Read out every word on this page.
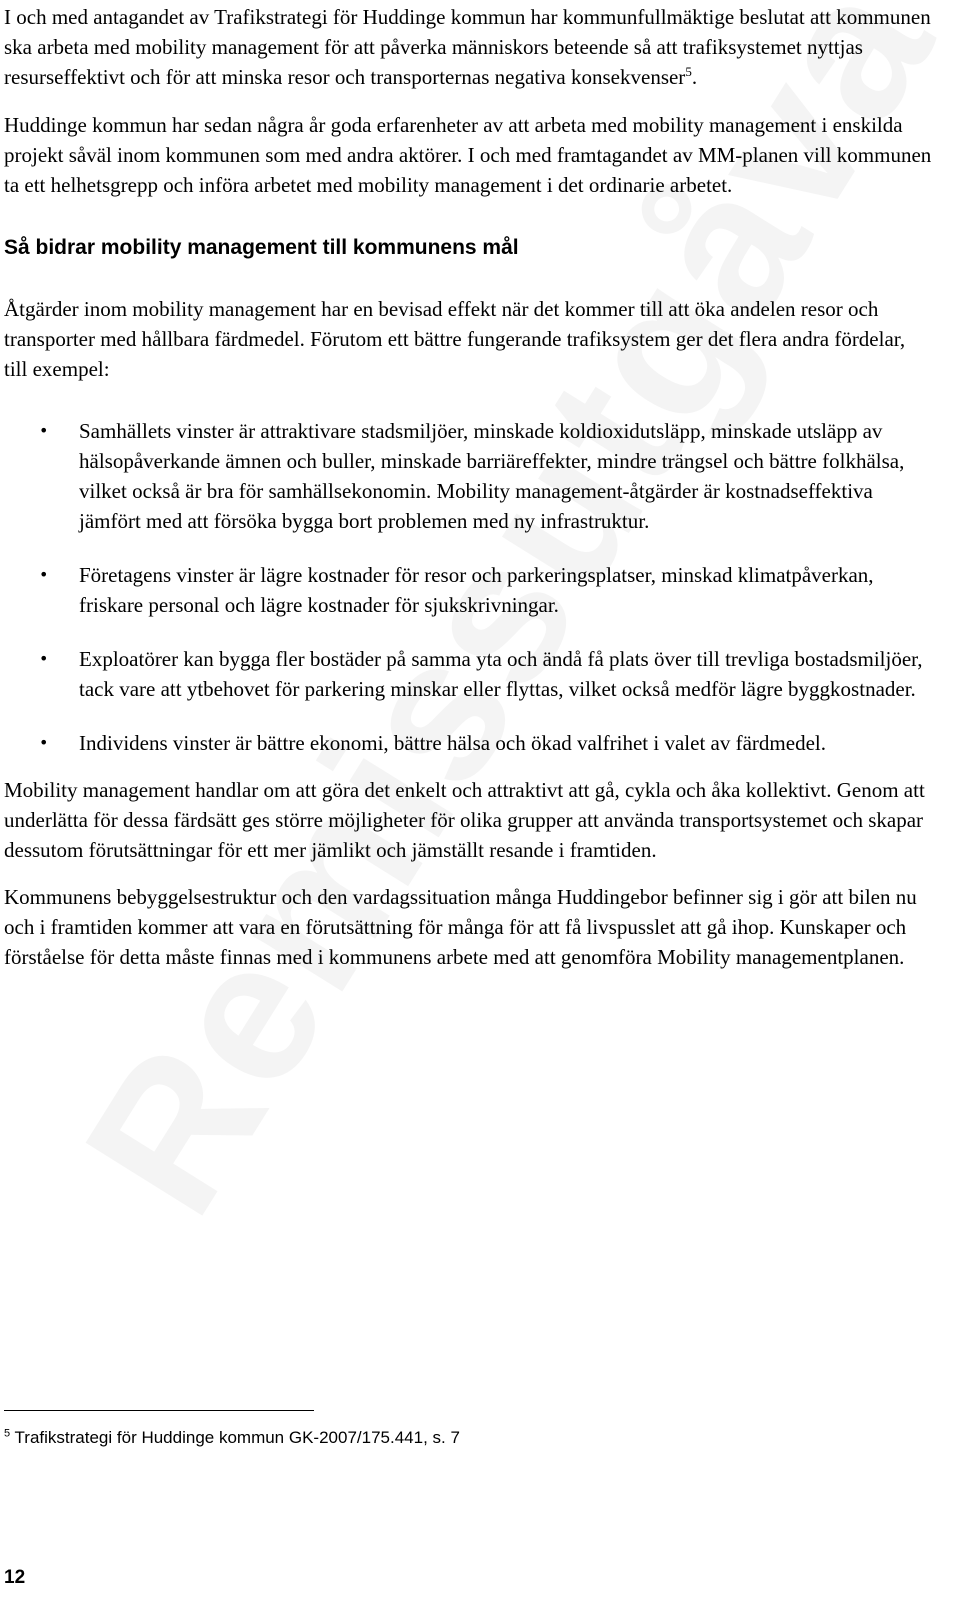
I och med antagandet av Trafikstrategi för Huddinge kommun har kommunfullmäktige beslutat att kommunen ska arbeta med mobility management för att påverka människors beteende så att trafiksystemet nyttjas resurseffektivt och för att minska resor och transporternas negativa konsekvenser$^5$.

Huddinge kommun har sedan några år goda erfarenheter av att arbeta med mobility management i enskilda projekt såväl inom kommunen som med andra aktörer. I och med framtagandet av MM-planen vill kommunen ta ett helhetsgrepp och införa arbetet med mobility management i det ordinarie arbetet.

Så bidrar mobility management till kommunens mål

Åtgärder inom mobility management har en bevisad effekt när det kommer till att öka andelen resor och transporter med hållbara färdmedel. Förutom ett bättre fungerande trafiksystem ger det flera andra fördelar, till exempel:

• Samhällets vinster är attraktivare stadsmiljöer, minskade koldioxidutsläpp, minskade utsläpp av hälsopåverkande ämnen och buller, minskade barriäreffekter, mindre trängsel och bättre folkhälsa, vilket också är bra för samhällsekonomin. Mobility management-åtgärder är kostnadseffektiva jämfört med att försöka bygga bort problemen med ny infrastruktur.
• Företagens vinster är lägre kostnader för resor och parkeringsplatser, minskad klimatpåverkan, friskare personal och lägre kostnader för sjukskrivningar.
• Exploatörer kan bygga fler bostäder på samma yta och ändå få plats över till trevliga bostadsmiljöer, tack vare att ytbehovet för parkering minskar eller flyttas, vilket också medför lägre byggkostnader.
• Individens vinster är bättre ekonomi, bättre hälsa och ökad valfrihet i valet av färdmedel.

Mobility management handlar om att göra det enkelt och attraktivt att gå, cykla och åka kollektivt. Genom att underlätta för dessa färdsätt ges större möjligheter för olika grupper att använda transportsystemet och skapar dessutom förutsättningar för ett mer jämlikt och jämställt resande i framtiden.

Kommunens bebyggelsestruktur och den vardagssituation många Huddingebor befinner sig i gör att bilen nu och i framtiden kommer att vara en förutsättning för många för att få livspusslet att gå ihop. Kunskaper och förståelse för detta måste finnas med i kommunens arbete med att genomföra Mobility managementplanen.

$^5$ Trafikstrategi för Huddinge kommun GK-2007/175.441, s. 7
12
